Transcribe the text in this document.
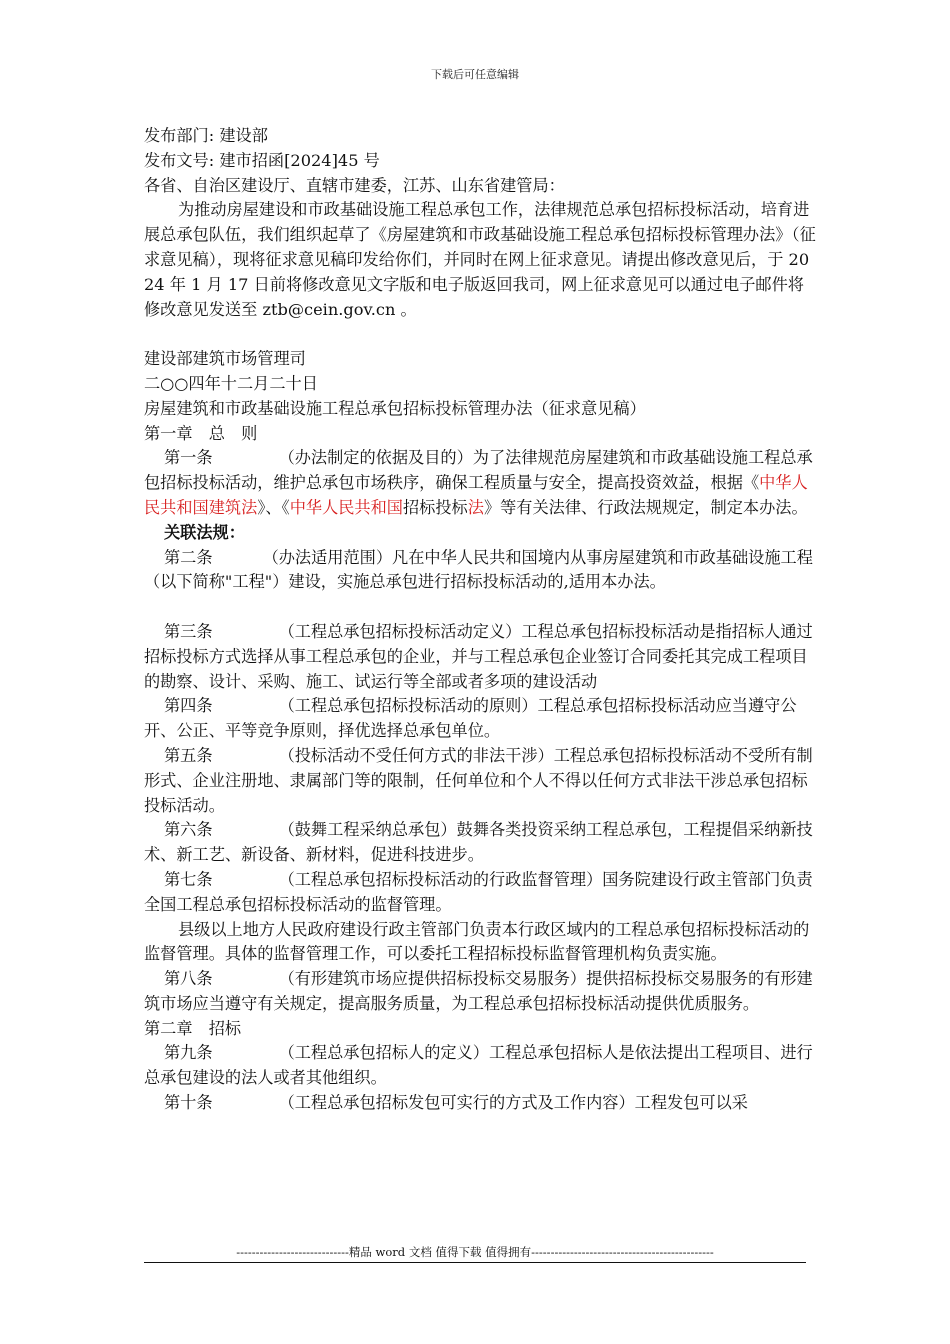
下载后可任意编辑

发布部门: 建设部

发布文号: 建市招函[2024]45 号

各省、自治区建设厅、直辖市建委，江苏、山东省建管局：

为推动房屋建设和市政基础设施工程总承包工作，法律规范总承包招标投标活动，培育进展总承包队伍，我们组织起草了《房屋建筑和市政基础设施工程总承包招标投标管理办法》（征求意见稿），现将征求意见稿印发给你们，并同时在网上征求意见。请提出修改意见后，于 2024 年 1 月 17 日前将修改意见文字版和电子版返回我司，网上征求意见可以通过电子邮件将修改意见发送至 ztb@cein.gov.cn 。

建设部建筑市场管理司

二○○四年十二月二十日

房屋建筑和市政基础设施工程总承包招标投标管理办法（征求意见稿）

第一章　总　则

第一条	（办法制定的依据及目的）为了法律规范房屋建筑和市政基础设施工程总承包招标投标活动，维护总承包市场秩序，确保工程质量与安全，提高投资效益，根据《中华人民共和国建筑法》、《中华人民共和国招标投标法》等有关法律、行政法规规定，制定本办法。

关联法规：

第二条	（办法适用范围）凡在中华人民共和国境内从事房屋建筑和市政基础设施工程（以下简称"工程"）建设，实施总承包进行招标投标活动的,适用本办法。

第三条	（工程总承包招标投标活动定义）工程总承包招标投标活动是指招标人通过招标投标方式选择从事工程总承包的企业，并与工程总承包企业签订合同委托其完成工程项目的勘察、设计、采购、施工、试运行等全部或者多项的建设活动

第四条	（工程总承包招标投标活动的原则）工程总承包招标投标活动应当遵守公开、公正、平等竞争原则，择优选择总承包单位。

第五条	（投标活动不受任何方式的非法干涉）工程总承包招标投标活动不受所有制形式、企业注册地、隶属部门等的限制，任何单位和个人不得以任何方式非法干涉总承包招标投标活动。

第六条	（鼓舞工程采纳总承包）鼓舞各类投资采纳工程总承包，工程提倡采纳新技术、新工艺、新设备、新材料，促进科技进步。

第七条	（工程总承包招标投标活动的行政监督管理）国务院建设行政主管部门负责全国工程总承包招标投标活动的监督管理。

县级以上地方人民政府建设行政主管部门负责本行政区域内的工程总承包招标投标活动的监督管理。具体的监督管理工作，可以委托工程招标投标监督管理机构负责实施。

第八条	（有形建筑市场应提供招标投标交易服务）提供招标投标交易服务的有形建筑市场应当遵守有关规定，提高服务质量，为工程总承包招标投标活动提供优质服务。

第二章　招标

第九条	（工程总承包招标人的定义）工程总承包招标人是依法提出工程项目、进行总承包建设的法人或者其他组织。

第十条	（工程总承包招标发包可实行的方式及工作内容）工程发包可以采

-----------------------------精品 word 文档 值得下载 值得拥有-----------------------------------------------
